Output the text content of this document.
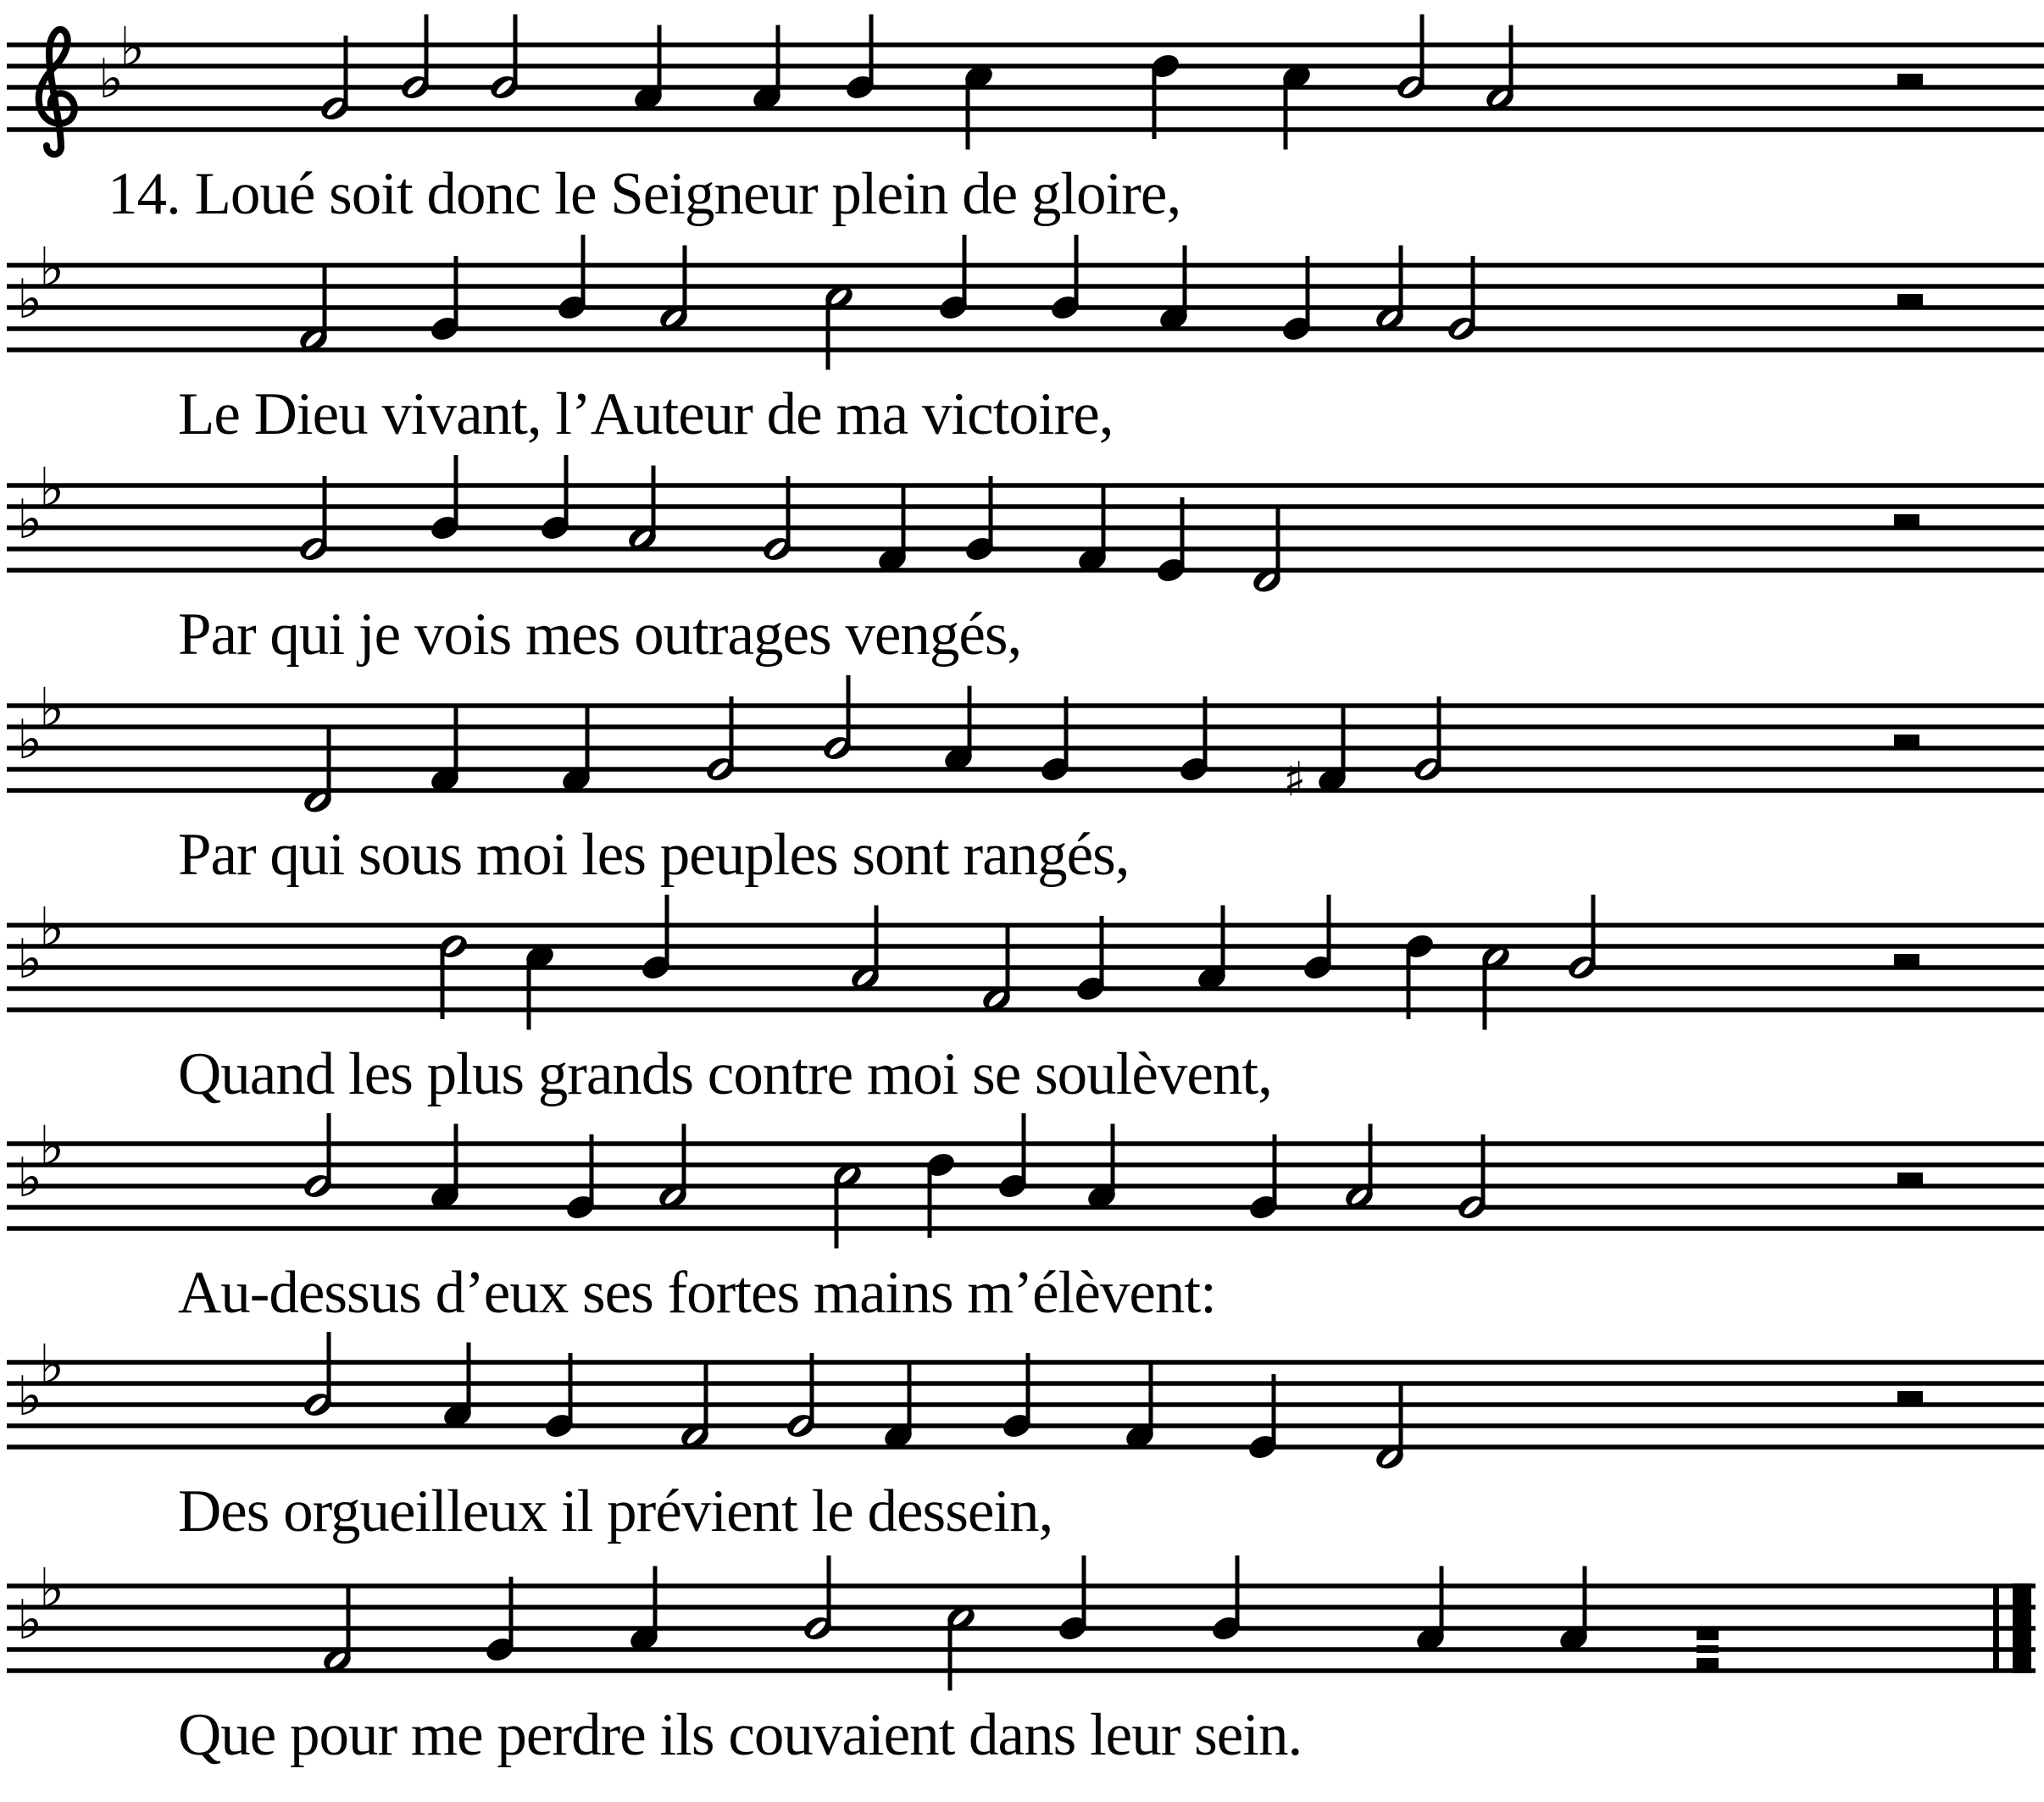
♭
♭
♭
♭
♭
♭
♭
♭
♯
♭
♭
♭
♭
♭
♭
♭
♭
14. Loué soit donc le Seigneur plein de gloire,
Le Dieu vivant, l’Auteur de ma victoire,
Par qui je vois mes outrages vengés,
Par qui sous moi les peuples sont rangés,
Quand les plus grands contre moi se soulèvent,
Au-dessus d’eux ses fortes mains m’élèvent:
Des orgueilleux il prévient le dessein,
Que pour me perdre ils couvaient dans leur sein.
